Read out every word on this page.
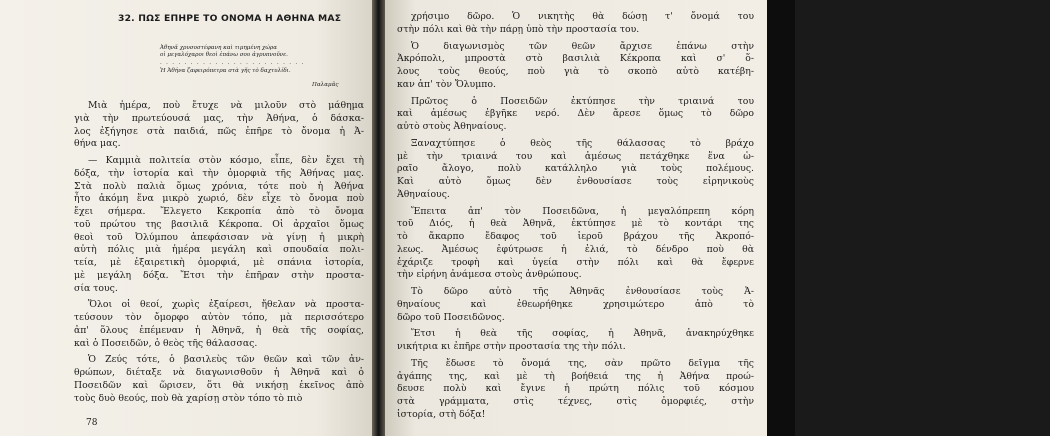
32. ΠΩΣ ΕΠΗΡΕ ΤΟ ΟΝΟΜΑ Η ΑΘΗΝΑ ΜΑΣ
Ἀθηνᾶ χρυσοστέφανη καὶ τιμημένη χώρα
οἱ μεγαλόχαροι θεοὶ ἐπάνω σου ἀγρυπνοῦνε.
. . . . . . . . . . . . . . . . . . . . . . . .
Ἡ Ἀθήνα ζαφειρόπετρα στὰ γῆς τὸ δαχτυλίδι.
Παλαμᾶς

Μιὰ ἡμέρα, ποὺ ἔτυχε νὰ μιλοῦν στὸ μάθημα
γιὰ τὴν πρωτεύουσά μας, τὴν Ἀθήνα, ὁ δάσκα-
λος ἐξήγησε στὰ παιδιά, πῶς ἐπῆρε τὸ ὄνομα ἡ Ἀ-
θήνα μας.

— Καμμιὰ πολιτεία στὸν κόσμο, εἶπε, δὲν ἔχει τὴ
δόξα, τὴν ἱστορία καὶ τὴν ὀμορφιὰ τῆς Ἀθήνας μας.
Στὰ πολὺ παλιὰ ὅμως χρόνια, τότε ποὺ ἡ Ἀθήνα
ἦτο ἀκόμη ἕνα μικρὸ χωριό, δὲν εἶχε τὸ ὄνομα ποὺ
ἔχει σήμερα. Ἔλεγετο Κεκροπία ἀπὸ τὸ ὄνομα
τοῦ πρώτου της βασιλιᾶ Κέκροπα. Οἱ ἀρχαῖοι ὅμως
θεοὶ τοῦ Ὀλύμπου ἀπεφάσισαν νὰ γίνῃ ἡ μικρὴ
αὐτὴ πόλις μιὰ ἡμέρα μεγάλη καὶ σπουδαία πολι-
τεία, μὲ ἐξαιρετικὴ ὀμορφιά, μὲ σπάνια ἱστορία,
μὲ μεγάλη δόξα. Ἔτσι τὴν ἐπῆραν στὴν προστα-
σία τους.

Ὅλοι οἱ θεοί, χωρὶς ἐξαίρεσι, ἤθελαν νὰ προστα-
τεύσουν τὸν ὄμορφο αὐτὸν τόπο, μὰ περισσότερο
ἀπ' ὅλους ἐπέμεναν ἡ Ἀθηνᾶ, ἡ θεὰ τῆς σοφίας,
καὶ ὁ Ποσειδῶν, ὁ θεὸς τῆς θάλασσας.

Ὁ Ζεύς τότε, ὁ βασιλεὺς τῶν θεῶν καὶ τῶν ἀν-
θρώπων, διέταξε νὰ διαγωνισθοῦν ἡ Ἀθηνᾶ καὶ ὁ
Ποσειδῶν καὶ ὥρισεν, ὅτι θὰ νικήσῃ ἐκεῖνος ἀπὸ
τοὺς δυὸ θεούς, ποὺ θὰ χαρίσῃ στὸν τόπο τὸ πιὸ

78	79

χρήσιμο δῶρο. Ὁ νικητὴς θὰ δώσῃ τ' ὄνομά του
στὴν πόλι καὶ θὰ τὴν πάρῃ ὑπὸ τὴν προστασία του.

Ὁ διαγωνισμὸς τῶν θεῶν ἄρχισε ἐπάνω στὴν
Ἀκρόπολι, μπροστὰ στὸ βασιλιὰ Κέκροπα καὶ σ' ὅ-
λους τοὺς θεούς, ποὺ γιὰ τὸ σκοπὸ αὐτὸ κατέβη-
καν ἀπ' τὸν Ὄλυμπο.

Πρῶτος ὁ Ποσειδῶν ἐκτύπησε τὴν τριαινά του
καὶ ἀμέσως ἐβγῆκε νερό. Δὲν ἄρεσε ὅμως τὸ δῶρο
αὐτὸ στοὺς Ἀθηναίους.

Ξαναχτύπησε ὁ θεὸς τῆς θάλασσας τὸ βράχο
μὲ τὴν τριαινά του καὶ ἀμέσως πετάχθηκε ἕνα ὡ-
ραῖο ἄλογο, πολὺ κατάλληλο γιὰ τοὺς πολέμους.
Καὶ αὐτὸ ὅμως δὲν ἐνθουσίασε τοὺς εἰρηνικοὺς
Ἀθηναίους.

Ἔπειτα ἀπ' τὸν Ποσειδῶνα, ἡ μεγαλόπρεπη κόρη
τοῦ Διός, ἡ θεὰ Ἀθηνᾶ, ἐκτύπησε μὲ τὸ κοντάρι της
τὸ ἄκαρπο ἔδαφος τοῦ ἱεροῦ βράχου τῆς Ἀκροπό-
λεως. Ἀμέσως ἐφύτρωσε ἡ ἐλιά, τὸ δένδρο ποὺ θὰ
ἐχάριζε τροφὴ καὶ ὑγεία στὴν πόλι καὶ θὰ ἔφερνε
τὴν εἰρήνη ἀνάμεσα στοὺς ἀνθρώπους.

Τὸ δῶρο αὐτὸ τῆς Ἀθηνᾶς ἐνθουσίασε τοὺς Ἀ-
θηναίους καὶ ἐθεωρήθηκε χρησιμώτερο ἀπὸ τὸ
δῶρο τοῦ Ποσειδῶνος.

Ἔτσι ἡ θεὰ τῆς σοφίας, ἡ Ἀθηνᾶ, ἀνακηρύχθηκε
νικήτρια κι ἐπῆρε στὴν προστασία της τὴν πόλι.

Τῆς ἔδωσε τὸ ὄνομά της, σὰν πρῶτο δεῖγμα τῆς
ἀγάπης της, καὶ μὲ τὴ βοήθειά της ἡ Ἀθήνα προώ-
δευσε πολὺ καὶ ἔγινε ἡ πρώτη πόλις τοῦ κόσμου
στὰ γράμματα, στὶς τέχνες, στὶς ὀμορφιές, στὴν
ἱστορία, στὴ δόξα!
